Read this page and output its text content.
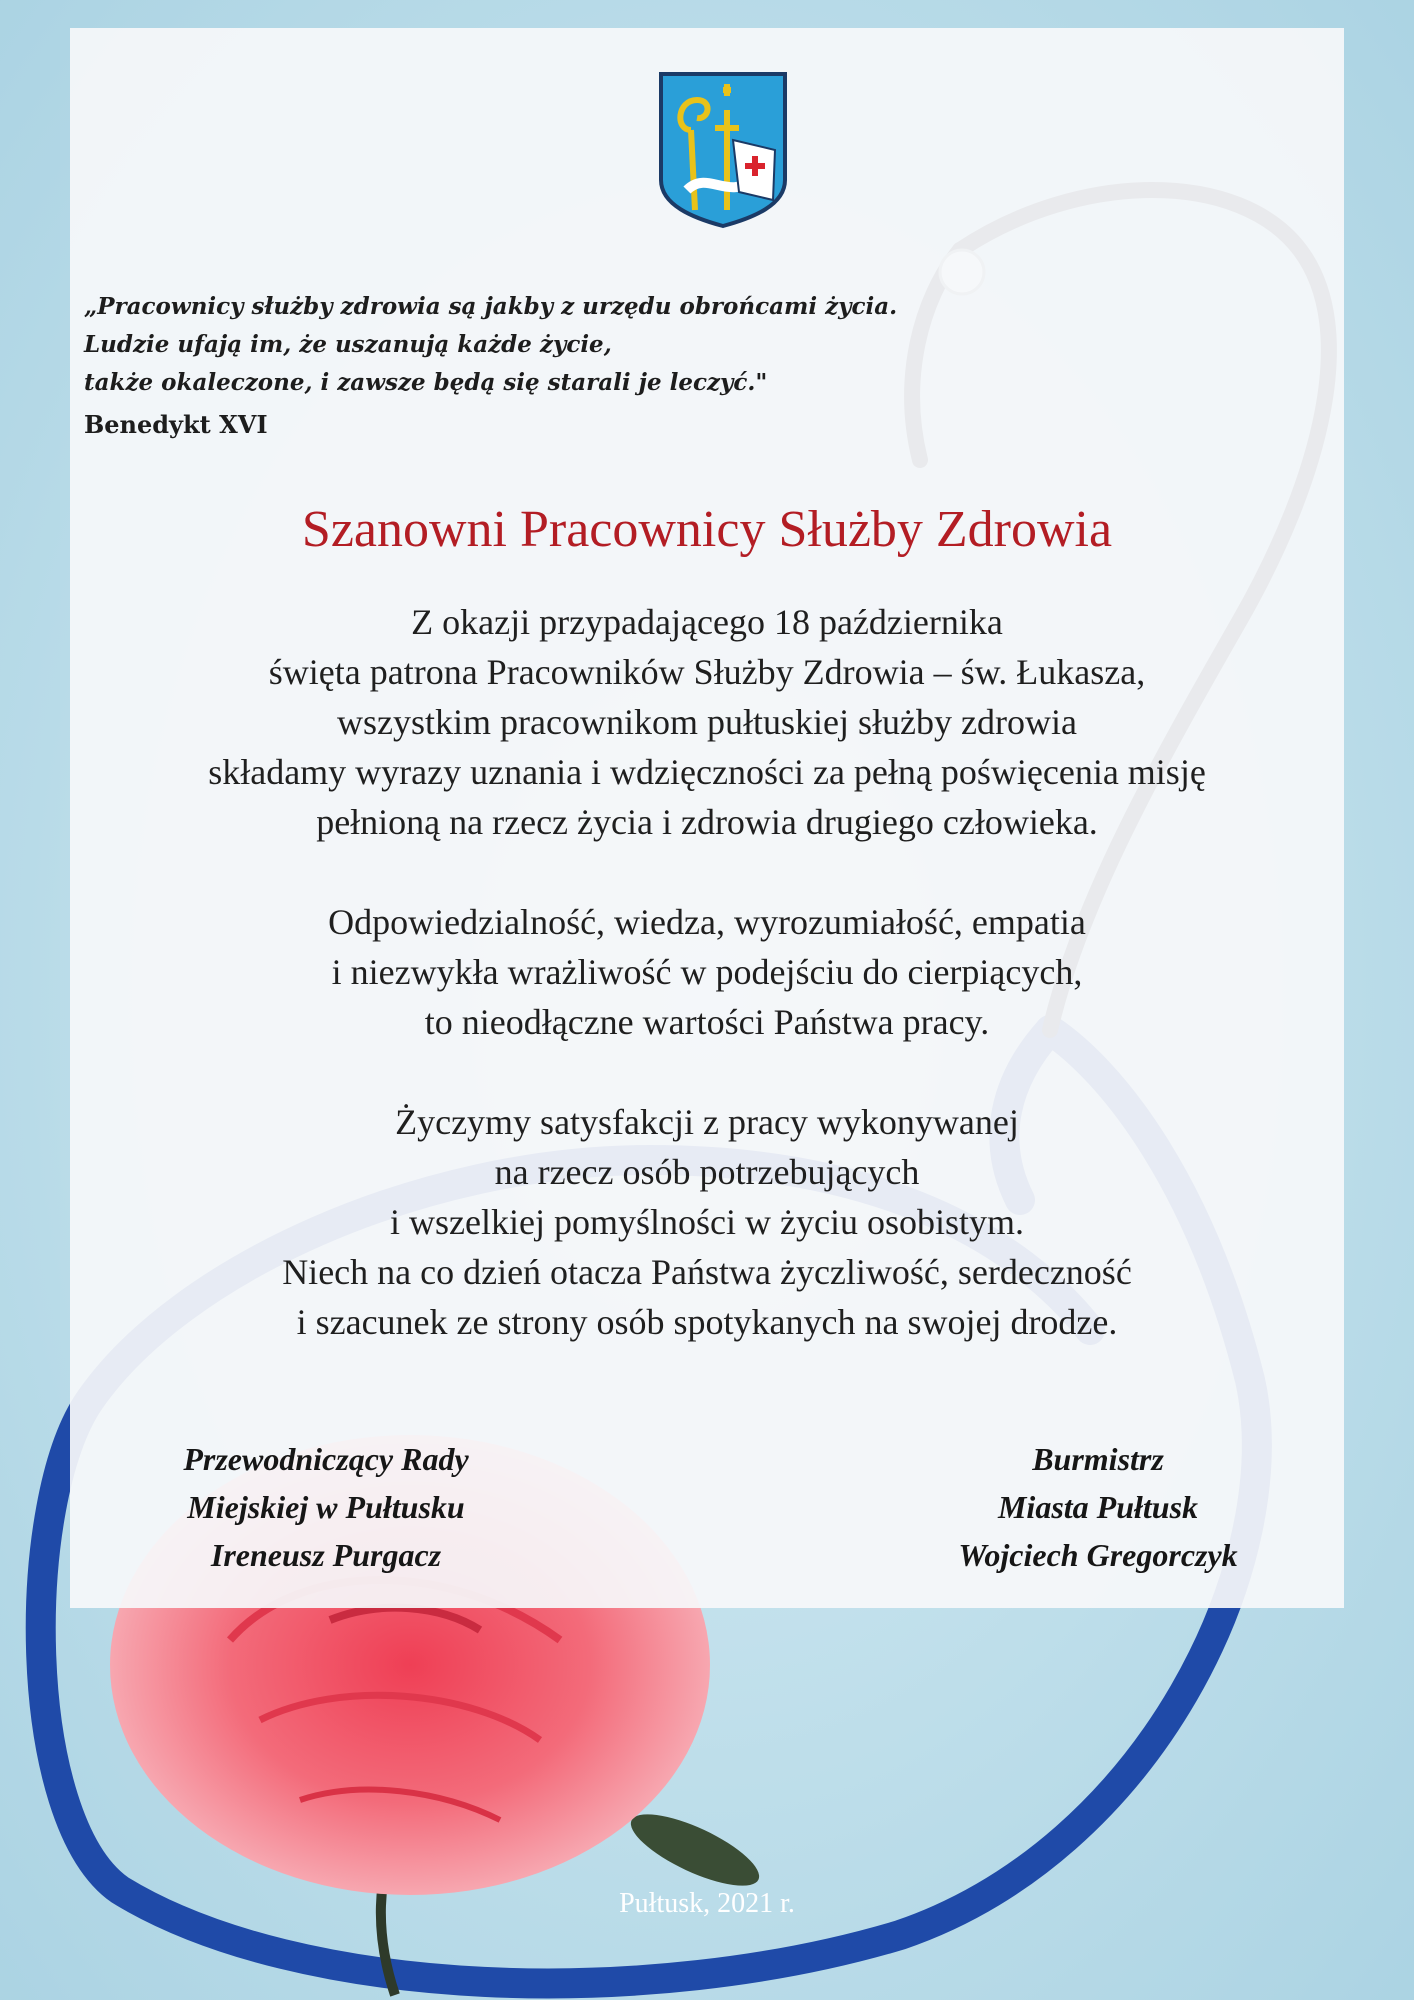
„Pracownicy służby zdrowia są jakby z urzędu obrońcami życia.
Ludzie ufają im, że uszanują każde życie,
także okaleczone, i zawsze będą się starali je leczyć."
Benedykt XVI
Szanowni Pracownicy Służby Zdrowia
Z okazji przypadającego 18 października
święta patrona Pracowników Służby Zdrowia – św. Łukasza,
wszystkim pracownikom pułtuskiej służby zdrowia
składamy wyrazy uznania i wdzięczności za pełną poświęcenia misję
pełnioną na rzecz życia i zdrowia drugiego człowieka.
Odpowiedzialność, wiedza, wyrozumiałość, empatia
i niezwykła wrażliwość w podejściu do cierpiących,
to nieodłączne wartości Państwa pracy.
Życzymy satysfakcji z pracy wykonywanej
na rzecz osób potrzebujących
i wszelkiej pomyślności w życiu osobistym.
Niech na co dzień otacza Państwa życzliwość, serdeczność
i szacunek ze strony osób spotykanych na swojej drodze.
Przewodniczący Rady
Miejskiej w Pułtusku
Ireneusz Purgacz
Burmistrz
Miasta Pułtusk
Wojciech Gregorczyk
Pułtusk, 2021 r.
